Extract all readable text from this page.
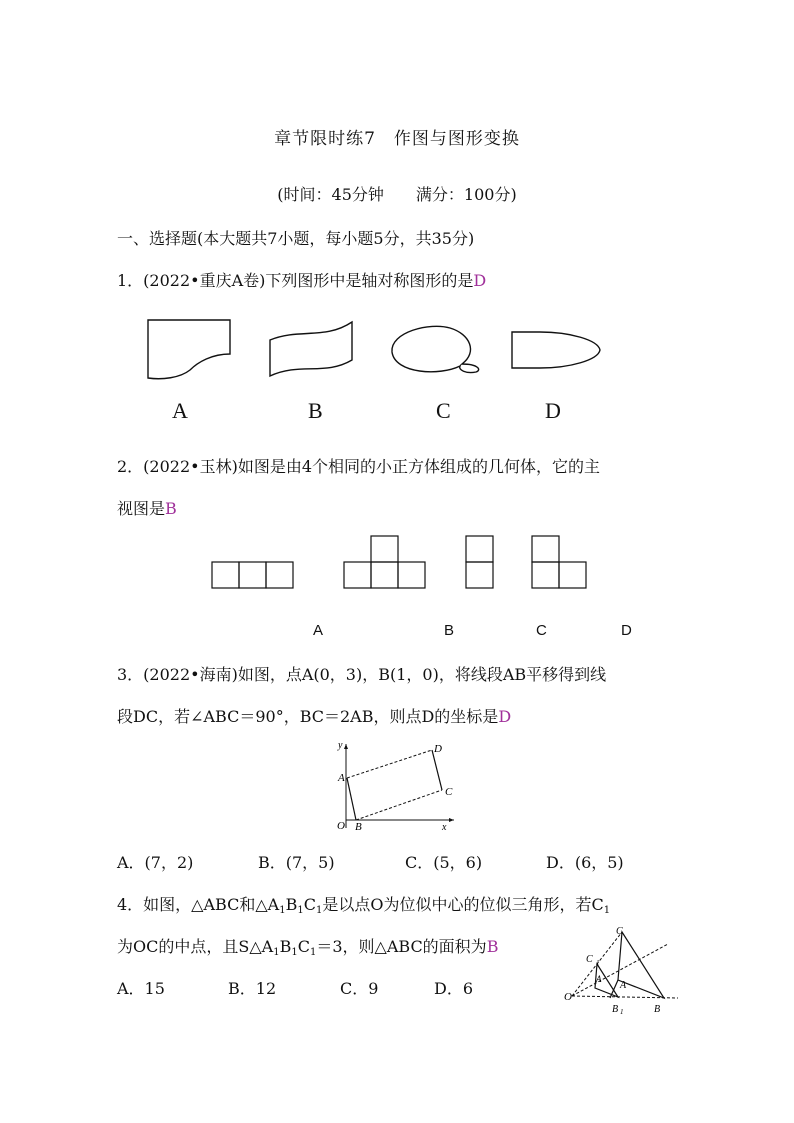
章节限时练7　作图与图形变换
(时间：45分钟　　满分：100分)
一、选择题(本大题共7小题，每小题5分，共35分)
1．(2022•重庆A卷)下列图形中是轴对称图形的是D
A	B	C	D
2．(2022•玉林)如图是由4个相同的小正方体组成的几何体，它的主
视图是B
A	B	C	D
3．(2022•海南)如图，点A(0，3)，B(1，0)，将线段AB平移得到线
段DC，若∠ABC＝90°，BC＝2AB，则点D的坐标是D
y
x
O
A
B
C
D
A．(7，2)	B．(7，5)	C．(5，6)	D．(6，5)
4．如图，△ABC和$\triangle A_1B_1C_1$是以点O为位似中心的位似三角形，若$C_1$
为OC的中点，且$S\triangle A_1B_1C_1=3$，则△ABC的面积为B
A．15	B．12	C．9	D．6	O
C
C 1
A
A
B 1	B
